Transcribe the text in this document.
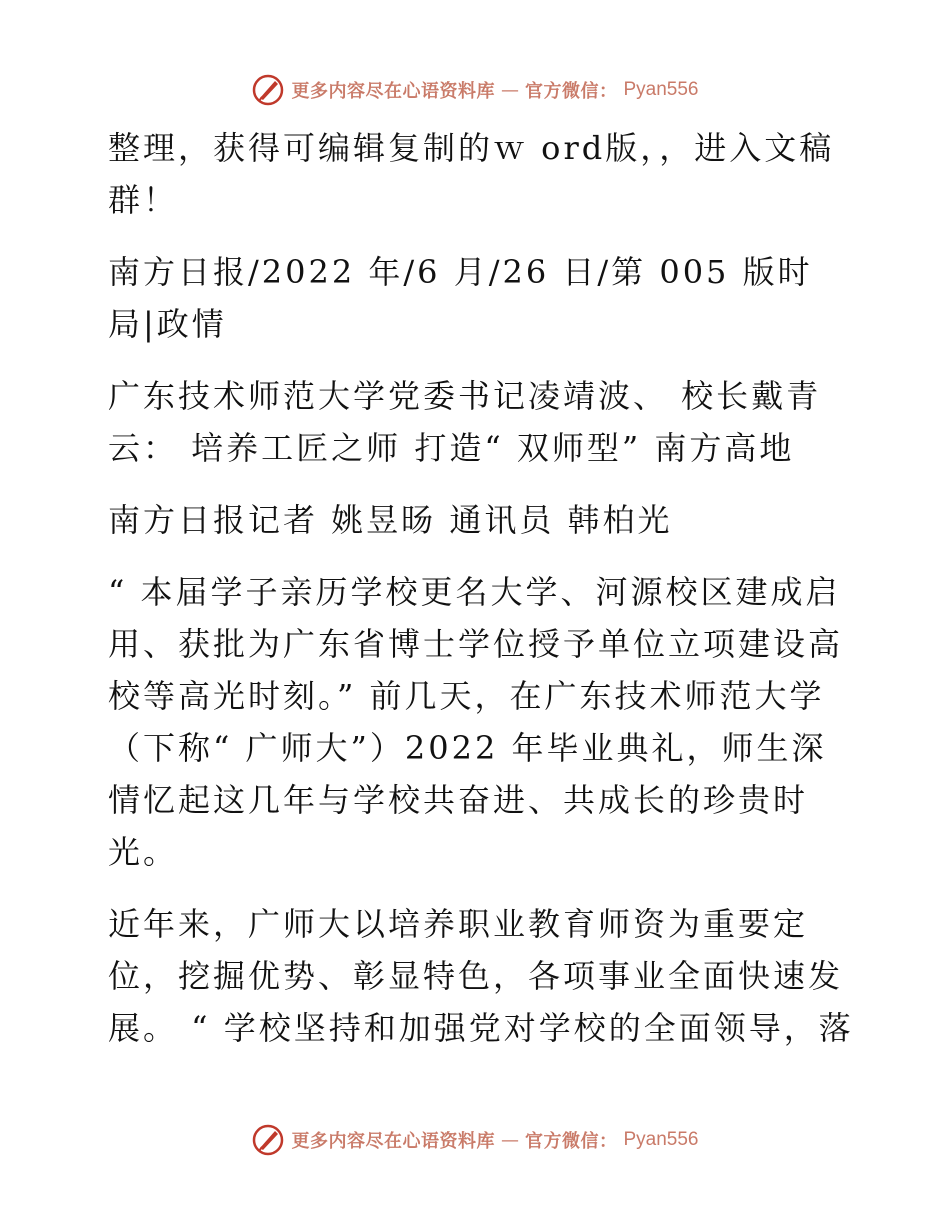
更多内容尽在心语资料库 — 官方微信： Pyan556

整理，获得可编辑复制的ｗ ord版，，进入文稿群！

南方日报/2022 年/6 月/26 日/第 005 版时局|政情

广东技术师范大学党委书记凌靖波、 校长戴青云： 培养工匠之师 打造“ 双师型” 南方高地

南方日报记者 姚昱旸 通讯员 韩柏光

“ 本届学子亲历学校更名大学、河源校区建成启用、获批为广东省博士学位授予单位立项建设高校等高光时刻。” 前几天，在广东技术师范大学（下称“ 广师大”）2022 年毕业典礼，师生深情忆起这几年与学校共奋进、共成长的珍贵时光。

近年来，广师大以培养职业教育师资为重要定位，挖掘优势、彰显特色，各项事业全面快速发展。 “ 学校坚持和加强党对学校的全面领导，落

更多内容尽在心语资料库 — 官方微信： Pyan556
